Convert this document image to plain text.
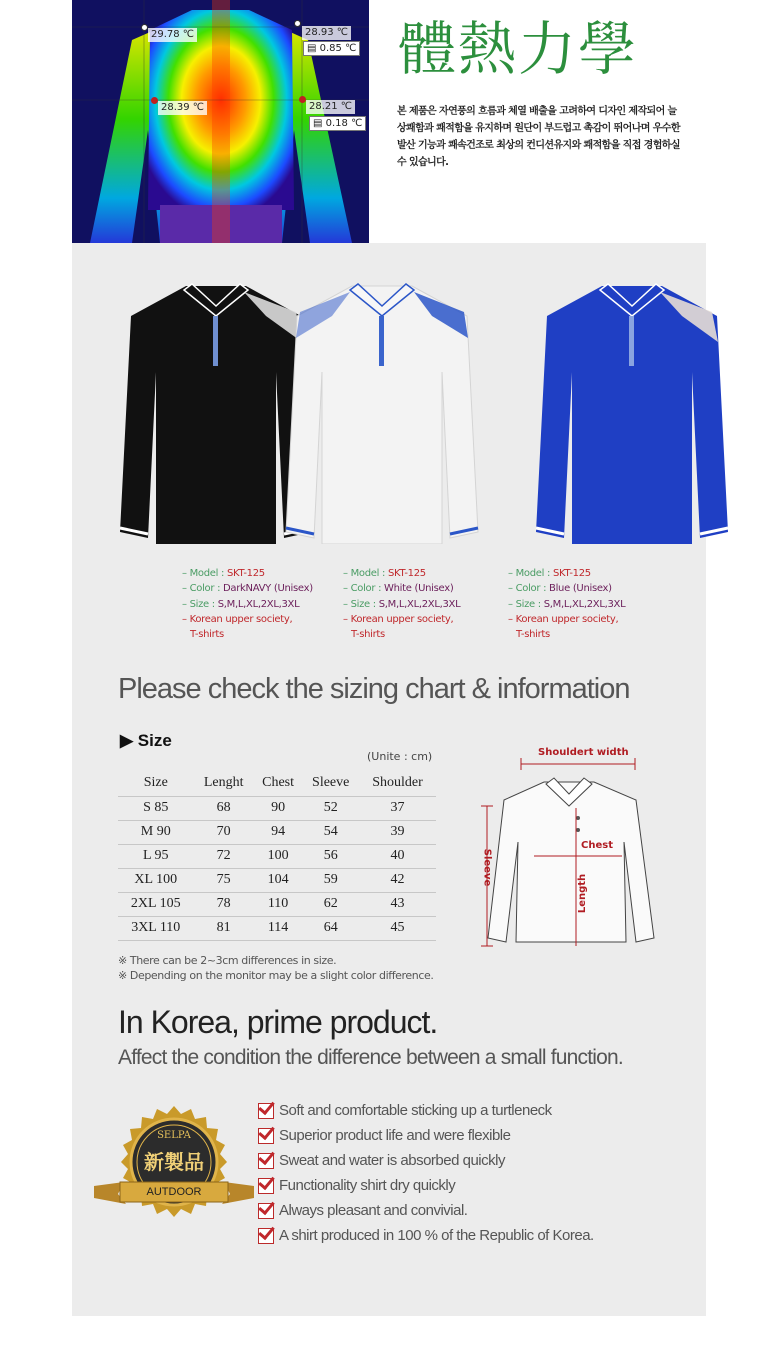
29.78 ℃	28.93 ℃
▤ 0.85 ℃
28.39 ℃	28.21 ℃
▤ 0.18 ℃
體熱力學
본 제품은 자연풍의 흐름과 체열 배출을 고려하여 디자인 제작되어 늘 상쾌함과 쾌적함을 유지하며 원단이 부드럽고 촉감이 뛰어나며 우수한 발산 기능과 쾌속건조로 최상의 컨디션유지와 쾌적함을 직접 경험하실 수 있습니다.
– Model : SKT-125
– Color : DarkNAVY (Unisex)
– Size : S,M,L,XL,2XL,3XL
– Korean upper society,
T-shirts
– Model : SKT-125
– Color : White (Unisex)
– Size : S,M,L,XL,2XL,3XL
– Korean upper society,
T-shirts
– Model : SKT-125
– Color : Blue (Unisex)
– Size : S,M,L,XL,2XL,3XL
– Korean upper society,
T-shirts
Please check the sizing chart & information
▶ Size
(Unite : cm)
Size	Lenght	Chest	Sleeve	Shoulder
S 85	68	90	52	37
M 90	70	94	54	39
L 95	72	100	56	40
XL 100	75	104	59	42
2XL 105	78	110	62	43
3XL 110	81	114	64	45
※ There can be 2~3cm differences in size.
※ Depending on the monitor may be a slight color difference.
Shouldert width
Chest
Sleeve
Length
In Korea, prime product.
Affect the condition the difference between a small function.
SELPA
新製品
AUTDOOR
Soft and comfortable sticking up a turtleneck
Superior product life and were flexible
Sweat and water is absorbed quickly
Functionality shirt dry quickly
Always pleasant and convivial.
A shirt produced in 100 % of the Republic of Korea.
